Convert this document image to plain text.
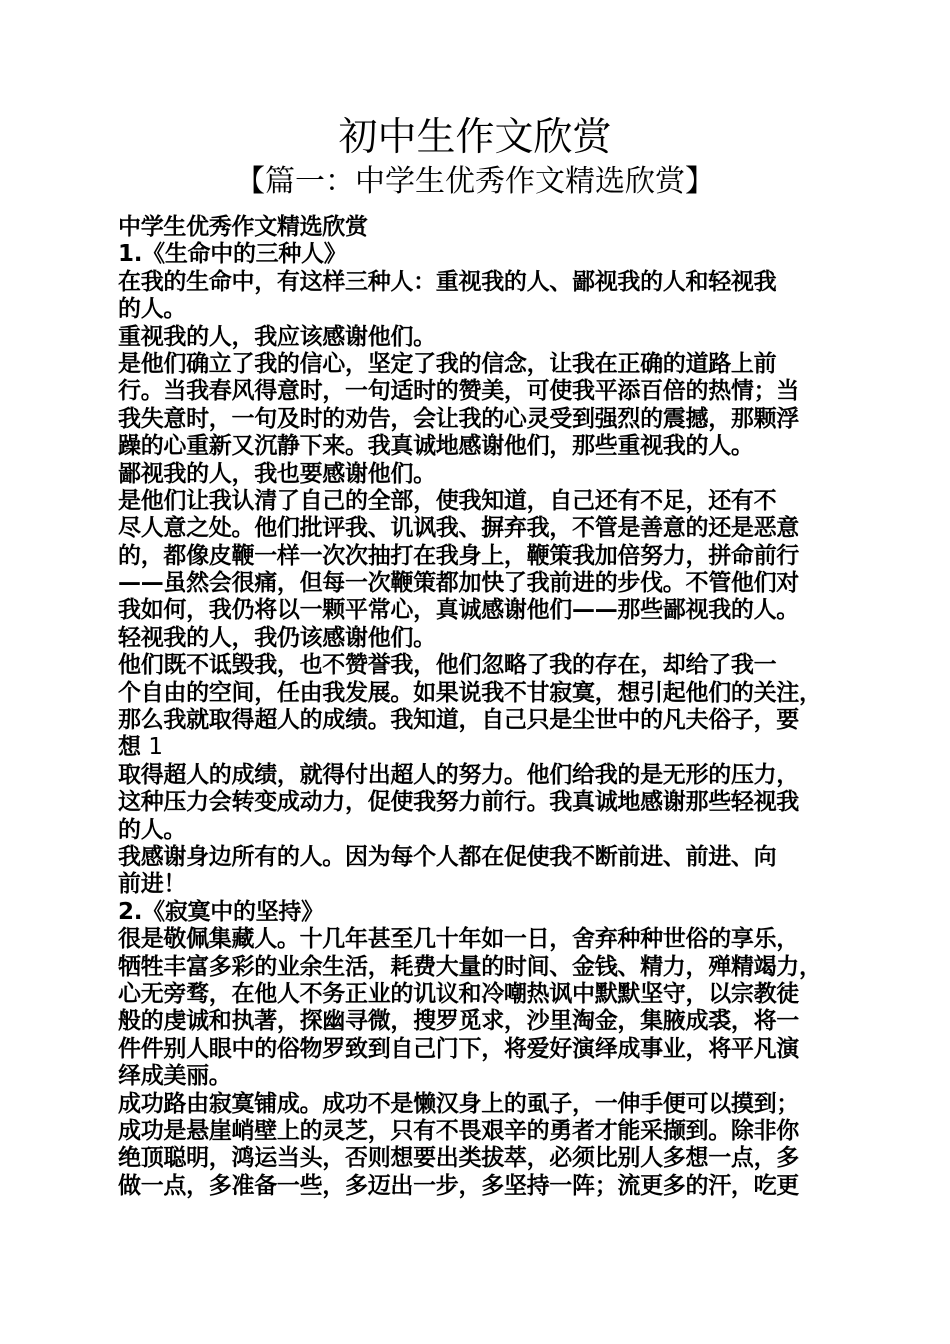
初中生作文欣赏
【篇一：中学生优秀作文精选欣赏】
中学生优秀作文精选欣赏
1.《生命中的三种人》
在我的生命中，有这样三种人：重视我的人、鄙视我的人和轻视我
的人。
重视我的人，我应该感谢他们。
是他们确立了我的信心，坚定了我的信念，让我在正确的道路上前
行。当我春风得意时，一句适时的赞美，可使我平添百倍的热情；当
我失意时，一句及时的劝告，会让我的心灵受到强烈的震撼，那颗浮
躁的心重新又沉静下来。我真诚地感谢他们，那些重视我的人。
鄙视我的人，我也要感谢他们。
是他们让我认清了自己的全部，使我知道，自己还有不足，还有不
尽人意之处。他们批评我、讥讽我、摒弃我，不管是善意的还是恶意
的，都像皮鞭一样一次次抽打在我身上，鞭策我加倍努力，拼命前行
——虽然会很痛，但每一次鞭策都加快了我前进的步伐。不管他们对
我如何，我仍将以一颗平常心，真诚感谢他们——那些鄙视我的人。
轻视我的人，我仍该感谢他们。
他们既不诋毁我，也不赞誉我，他们忽略了我的存在，却给了我一
个自由的空间，任由我发展。如果说我不甘寂寞，想引起他们的关注，
那么我就取得超人的成绩。我知道，自己只是尘世中的凡夫俗子，要
想 1
取得超人的成绩，就得付出超人的努力。他们给我的是无形的压力，
这种压力会转变成动力，促使我努力前行。我真诚地感谢那些轻视我
的人。
我感谢身边所有的人。因为每个人都在促使我不断前进、前进、向
前进！
2.《寂寞中的坚持》
很是敬佩集藏人。十几年甚至几十年如一日，舍弃种种世俗的享乐，
牺牲丰富多彩的业余生活，耗费大量的时间、金钱、精力，殚精竭力，
心无旁骛，在他人不务正业的讥议和冷嘲热讽中默默坚守，以宗教徒
般的虔诚和执著，探幽寻微，搜罗觅求，沙里淘金，集腋成裘，将一
件件别人眼中的俗物罗致到自己门下，将爱好演绎成事业，将平凡演
绎成美丽。
成功路由寂寞铺成。成功不是懒汉身上的虱子，一伸手便可以摸到；
成功是悬崖峭壁上的灵芝，只有不畏艰辛的勇者才能采撷到。除非你
绝顶聪明，鸿运当头，否则想要出类拔萃，必须比别人多想一点，多
做一点，多准备一些，多迈出一步，多坚持一阵；流更多的汗，吃更
